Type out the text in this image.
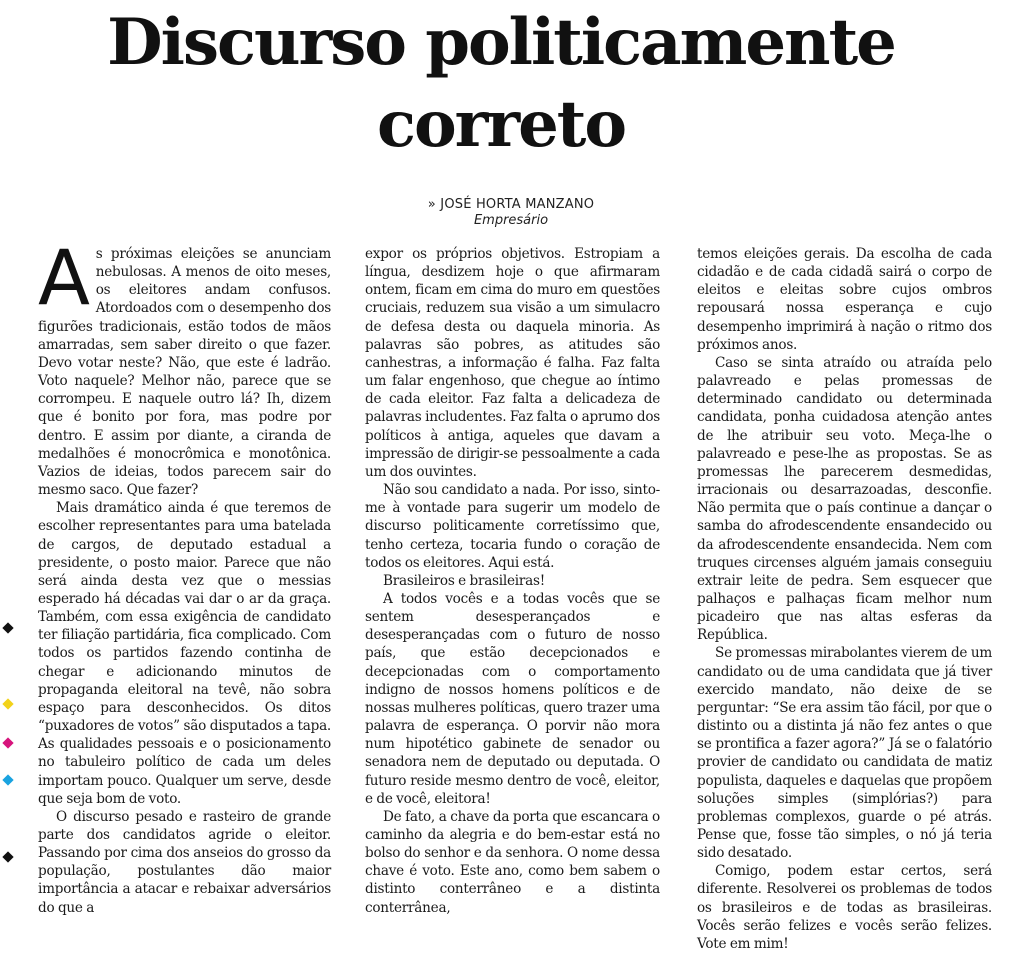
Discurso politicamente
correto
» JOSÉ HORTA MANZANO
Empresário
A s próximas eleições se anunciam nebulosas. A menos de oito meses, os eleitores andam confusos. Atordoados com o desempenho dos figurões tradicionais, estão todos de mãos amarradas, sem saber direito o que fazer. Devo votar neste? Não, que este é ladrão. Voto naquele? Melhor não, parece que se corrompeu. E naquele outro lá? Ih, dizem que é bonito por fora, mas podre por dentro. E assim por diante, a ciranda de medalhões é monocrômica e monotônica. Vazios de ideias, todos parecem sair do mesmo saco. Que fazer?

Mais dramático ainda é que teremos de escolher representantes para uma batelada de cargos, de deputado estadual a presidente, o posto maior. Parece que não será ainda desta vez que o messias esperado há décadas vai dar o ar da graça. Também, com essa exigência de candidato ter filiação partidária, fica complicado. Com todos os partidos fazendo continha de chegar e adicionando minutos de propaganda eleitoral na tevê, não sobra espaço para desconhecidos. Os ditos “puxadores de votos” são disputados a tapa. As qualidades pessoais e o posicionamento no tabuleiro político de cada um deles importam pouco. Qualquer um serve, desde que seja bom de voto.

O discurso pesado e rasteiro de grande parte dos candidatos agride o eleitor. Passando por cima dos anseios do grosso da população, postulantes dão maior importância a atacar e rebaixar adversários do que a

expor os próprios objetivos. Estropiam a língua, desdizem hoje o que afirmaram ontem, ficam em cima do muro em questões cruciais, reduzem sua visão a um simulacro de defesa desta ou daquela minoria. As palavras são pobres, as atitudes são canhestras, a informação é falha. Faz falta um falar engenhoso, que chegue ao íntimo de cada eleitor. Faz falta a delicadeza de palavras includentes. Faz falta o aprumo dos políticos à antiga, aqueles que davam a impressão de dirigir-se pessoalmente a cada um dos ouvintes.

Não sou candidato a nada. Por isso, sinto-me à vontade para sugerir um modelo de discurso politicamente corretíssimo que, tenho certeza, tocaria fundo o coração de todos os eleitores. Aqui está.

Brasileiros e brasileiras!

A todos vocês e a todas vocês que se sentem desesperançados e desesperançadas com o futuro de nosso país, que estão decepcionados e decepcionadas com o comportamento indigno de nossos homens políticos e de nossas mulheres políticas, quero trazer uma palavra de esperança. O porvir não mora num hipotético gabinete de senador ou senadora nem de deputado ou deputada. O futuro reside mesmo dentro de você, eleitor, e de você, eleitora!

De fato, a chave da porta que escancara o caminho da alegria e do bem-estar está no bolso do senhor e da senhora. O nome dessa chave é voto. Este ano, como bem sabem o distinto conterrâneo e a distinta conterrânea,

temos eleições gerais. Da escolha de cada cidadão e de cada cidadã sairá o corpo de eleitos e eleitas sobre cujos ombros repousará nossa esperança e cujo desempenho imprimirá à nação o ritmo dos próximos anos.

Caso se sinta atraído ou atraída pelo palavreado e pelas promessas de determinado candidato ou determinada candidata, ponha cuidadosa atenção antes de lhe atribuir seu voto. Meça-lhe o palavreado e pese-lhe as propostas. Se as promessas lhe parecerem desmedidas, irracionais ou desarrazoadas, desconfie. Não permita que o país continue a dançar o samba do afrodescendente ensandecido ou da afrodescendente ensandecida. Nem com truques circenses alguém jamais conseguiu extrair leite de pedra. Sem esquecer que palhaços e palhaças ficam melhor num picadeiro que nas altas esferas da República.

Se promessas mirabolantes vierem de um candidato ou de uma candidata que já tiver exercido mandato, não deixe de se perguntar: “Se era assim tão fácil, por que o distinto ou a distinta já não fez antes o que se prontifica a fazer agora?” Já se o falatório provier de candidato ou candidata de matiz populista, daqueles e daquelas que propõem soluções simples (simplórias?) para problemas complexos, guarde o pé atrás. Pense que, fosse tão simples, o nó já teria sido desatado.

Comigo, podem estar certos, será diferente. Resolverei os problemas de todos os brasileiros e de todas as brasileiras. Vocês serão felizes e vocês serão felizes. Vote em mim!
